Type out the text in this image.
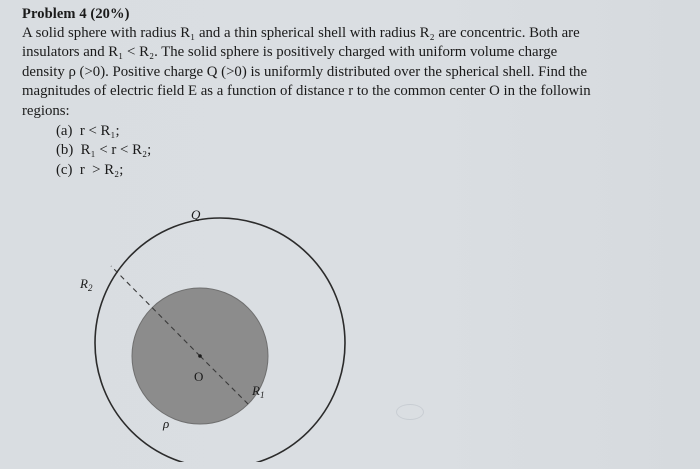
Problem 4 (20%)
A solid sphere with radius R₁ and a thin spherical shell with radius R₂ are concentric. Both are
insulators and R₁ < R₂. The solid sphere is positively charged with uniform volume charge
density ρ (>0). Positive charge Q (>0) is uniformly distributed over the spherical shell. Find the
magnitudes of electric field E as a function of distance r to the common center O in the followin
regions:
(a)  r < R₁;
(b)  R₁ < r < R₂;
(c)  r  > R₂;
Q
$R_2$
$R_1$
O
ρ
